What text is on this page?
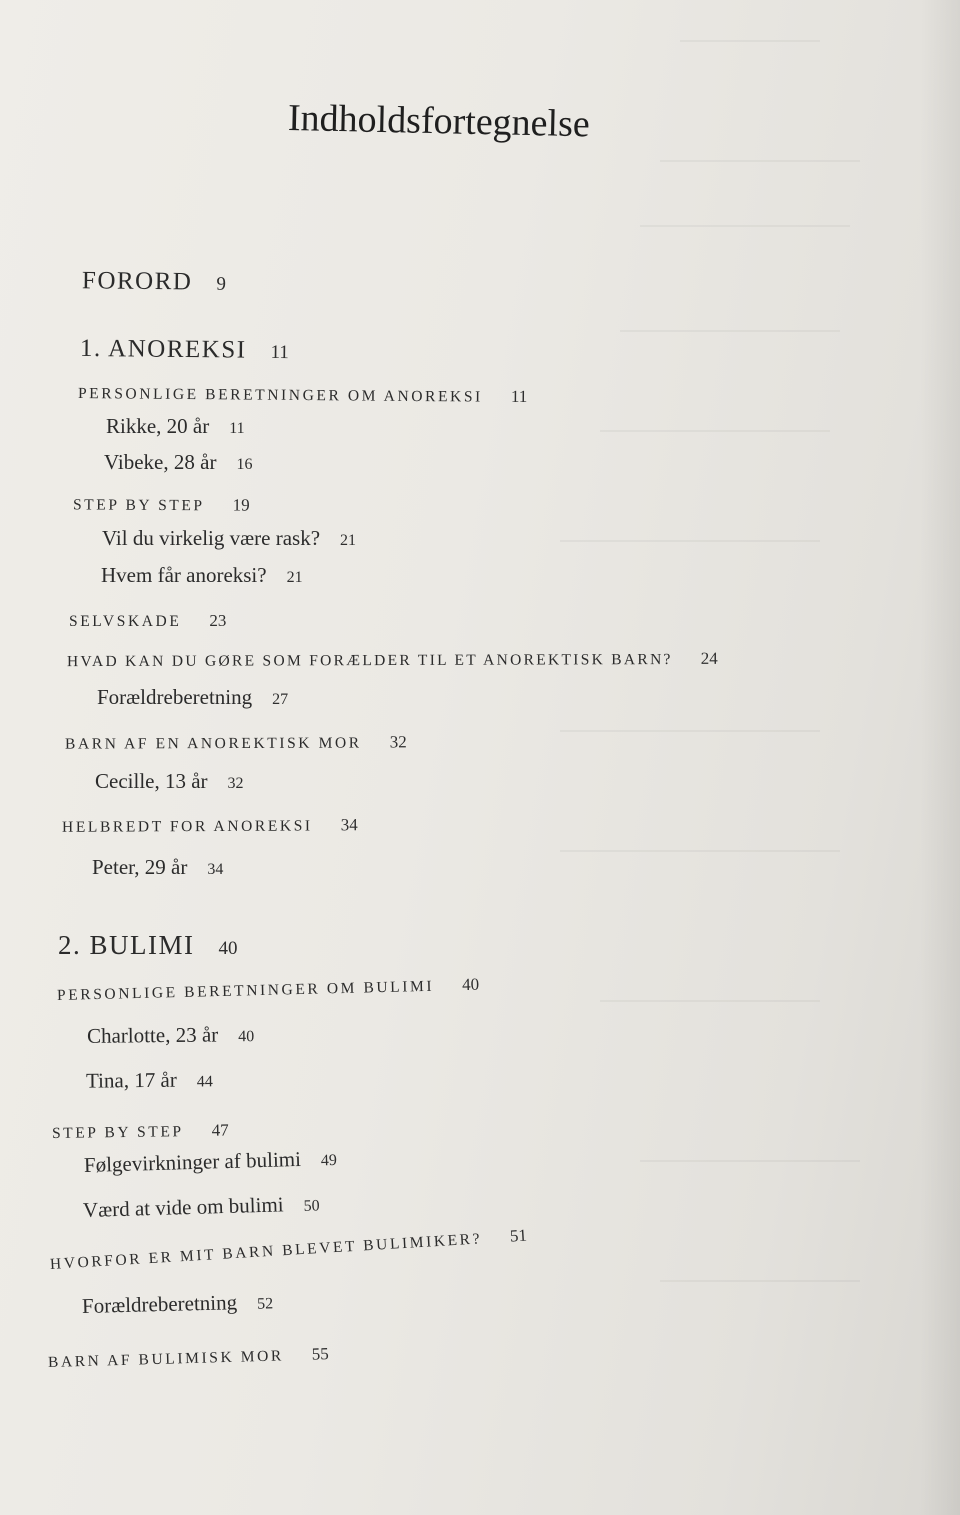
Indholdsfortegnelse
FORORD 9
1. ANOREKSI 11
PERSONLIGE BERETNINGER OM ANOREKSI 11
Rikke, 20 år 11
Vibeke, 28 år 16
STEP BY STEP 19
Vil du virkelig være rask? 21
Hvem får anoreksi? 21
SELVSKADE 23
HVAD KAN DU GØRE SOM FORÆLDER TIL ET ANOREKTISK BARN? 24
Forældreberetning 27
BARN AF EN ANOREKTISK MOR 32
Cecille, 13 år 32
HELBREDT FOR ANOREKSI 34
Peter, 29 år 34
2. BULIMI 40
PERSONLIGE BERETNINGER OM BULIMI 40
Charlotte, 23 år 40
Tina, 17 år 44
STEP BY STEP 47
Følgevirkninger af bulimi 49
Værd at vide om bulimi 50
HVORFOR ER MIT BARN BLEVET BULIMIKER? 51
Forældreberetning 52
BARN AF BULIMISK MOR 55
